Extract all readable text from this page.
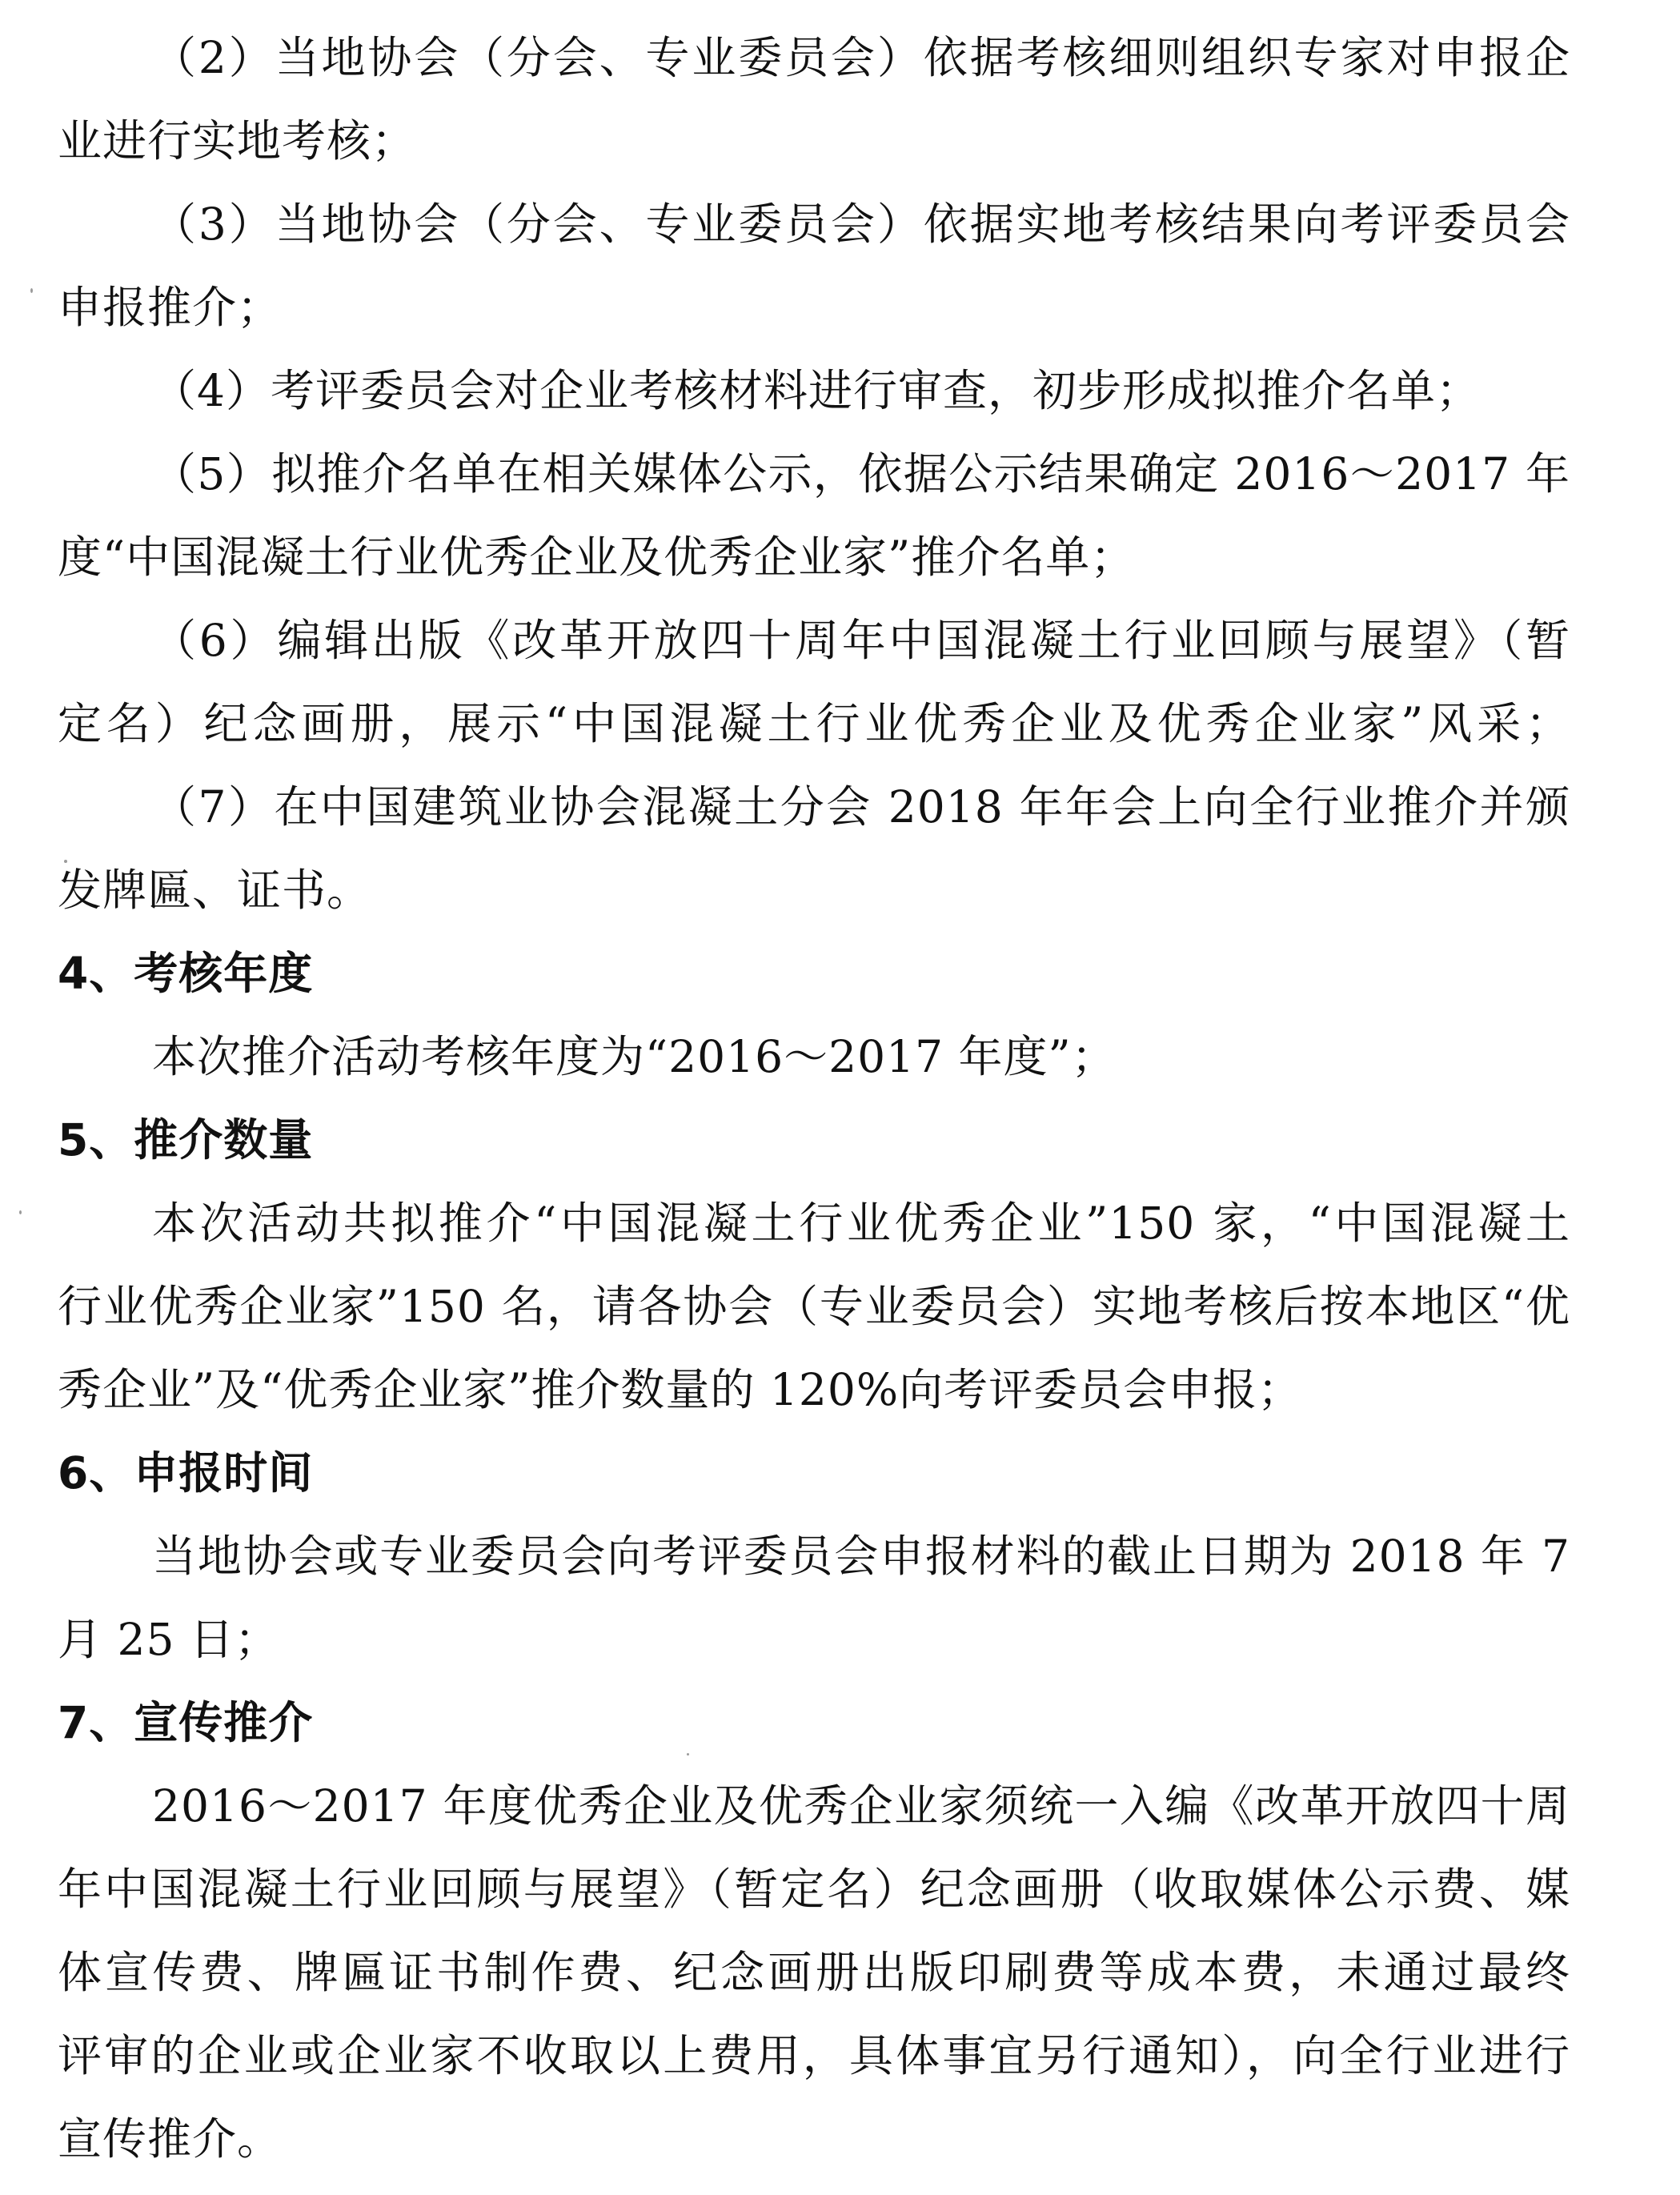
（2）当地协会（分会、专业委员会）依据考核细则组织专家对申报企
业进行实地考核；
（3）当地协会（分会、专业委员会）依据实地考核结果向考评委员会
申报推介；
（4）考评委员会对企业考核材料进行审查，初步形成拟推介名单；
（5）拟推介名单在相关媒体公示，依据公示结果确定 2016～2017 年
度“中国混凝土行业优秀企业及优秀企业家”推介名单；
（6）编辑出版《改革开放四十周年中国混凝土行业回顾与展望》（暂
定名）纪念画册，展示“中国混凝土行业优秀企业及优秀企业家”风采；
（7）在中国建筑业协会混凝土分会 2018 年年会上向全行业推介并颁
发牌匾、证书。
4、考核年度
本次推介活动考核年度为“2016～2017 年度”；
5、推介数量
本次活动共拟推介“中国混凝土行业优秀企业”150 家，“中国混凝土
行业优秀企业家”150 名，请各协会（专业委员会）实地考核后按本地区“优
秀企业”及“优秀企业家”推介数量的 120%向考评委员会申报；
6、申报时间
当地协会或专业委员会向考评委员会申报材料的截止日期为 2018 年 7
月 25 日；
7、宣传推介
2016～2017 年度优秀企业及优秀企业家须统一入编《改革开放四十周
年中国混凝土行业回顾与展望》（暂定名）纪念画册（收取媒体公示费、媒
体宣传费、牌匾证书制作费、纪念画册出版印刷费等成本费，未通过最终
评审的企业或企业家不收取以上费用，具体事宜另行通知），向全行业进行
宣传推介。
